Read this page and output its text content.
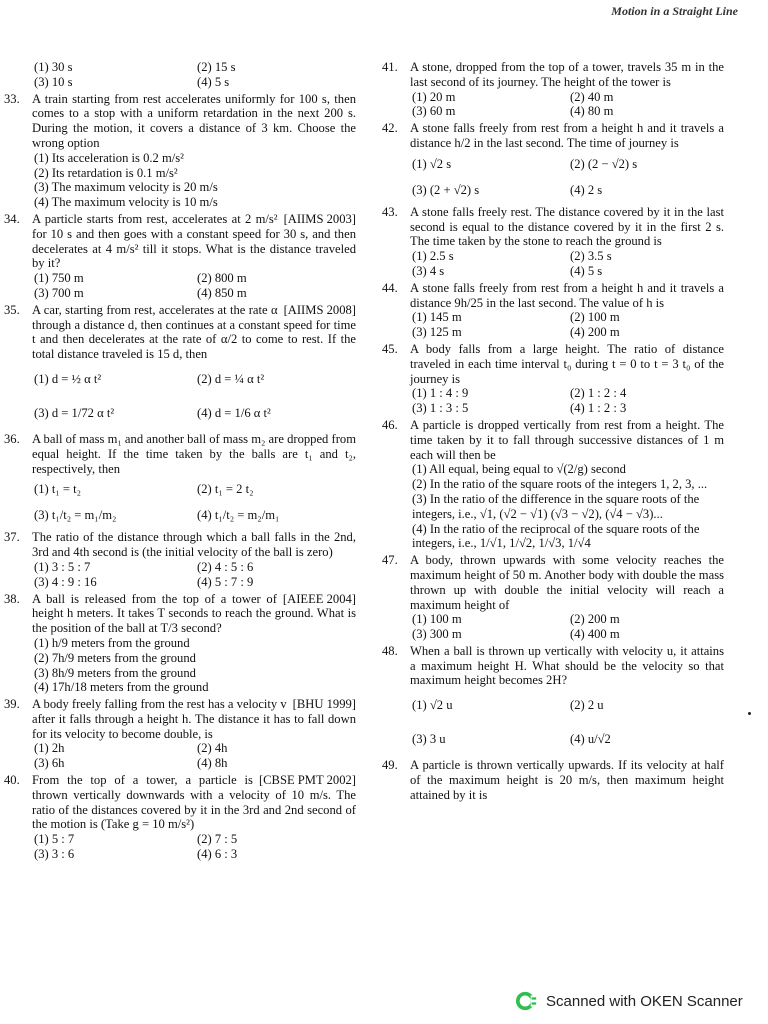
Motion in a Straight Line
(1) 30 s	(2) 15 s
(3) 10 s	(4) 5 s
33. A train starting from rest accelerates uniformly for 100 s, then comes to a stop with a uniform retardation in the next 200 s. During the motion, it covers a distance of 3 km. Choose the wrong option
(1) Its acceleration is 0.2 m/s²
(2) Its retardation is 0.1 m/s²
(3) The maximum velocity is 20 m/s
(4) The maximum velocity is 10 m/s
34.	[AIIMS 2003]
A particle starts from rest, accelerates at 2 m/s² for 10 s and then goes with a constant speed for 30 s, and then decelerates at 4 m/s² till it stops. What is the distance traveled by it?
(1) 750 m	(2) 800 m
(3) 700 m	(4) 850 m
35.	[AIIMS 2008]
A car, starting from rest, accelerates at the rate α through a distance d, then continues at a constant speed for time t and then decelerates at the rate of α/2 to come to rest. If the total distance traveled is 15 d, then
(1) d = ½ α t²	(2) d = ¼ α t²
(3) d = 1/72 α t²	(4) d = 1/6 α t²
36. A ball of mass m₁ and another ball of mass m₂ are dropped from equal height. If the time taken by the balls are t₁ and t₂, respectively, then
(1) t₁ = t₂	(2) t₁ = 2 t₂
(3) t₁/t₂ = m₁/m₂	(4) t₁/t₂ = m₂/m₁
37. The ratio of the distance through which a ball falls in the 2nd, 3rd and 4th second is (the initial velocity of the ball is zero)
(1) 3 : 5 : 7	(2) 4 : 5 : 6
(3) 4 : 9 : 16	(4) 5 : 7 : 9
38.	[AIEEE 2004]
A ball is released from the top of a tower of height h meters. It takes T seconds to reach the ground. What is the position of the ball at T/3 second?
(1) h/9 meters from the ground
(2) 7h/9 meters from the ground
(3) 8h/9 meters from the ground
(4) 17h/18 meters from the ground
39.	[BHU 1999]
A body freely falling from the rest has a velocity v after it falls through a height h. The distance it has to fall down for its velocity to become double, is
(1) 2h	(2) 4h
(3) 6h	(4) 8h
40.	[CBSE PMT 2002]
From the top of a tower, a particle is thrown vertically downwards with a velocity of 10 m/s. The ratio of the distances covered by it in the 3rd and 2nd second of the motion is (Take g = 10 m/s²)
(1) 5 : 7	(2) 7 : 5
(3) 3 : 6	(4) 6 : 3
41. A stone, dropped from the top of a tower, travels 35 m in the last second of its journey. The height of the tower is
(1) 20 m	(2) 40 m
(3) 60 m	(4) 80 m
42. A stone falls freely from rest from a height h and it travels a distance h/2 in the last second. The time of journey is
(1) √2 s	(2) (2 − √2) s
(3) (2 + √2) s	(4) 2 s
43. A stone falls freely rest. The distance covered by it in the last second is equal to the distance covered by it in the first 2 s. The time taken by the stone to reach the ground is
(1) 2.5 s	(2) 3.5 s
(3) 4 s	(4) 5 s
44. A stone falls freely from rest from a height h and it travels a distance 9h/25 in the last second. The value of h is
(1) 145 m	(2) 100 m
(3) 125 m	(4) 200 m
45. A body falls from a large height. The ratio of distance traveled in each time interval t₀ during t = 0 to t = 3 t₀ of the journey is
(1) 1 : 4 : 9	(2) 1 : 2 : 4
(3) 1 : 3 : 5	(4) 1 : 2 : 3
46. A particle is dropped vertically from rest from a height. The time taken by it to fall through successive distances of 1 m each will then be
(1) All equal, being equal to √(2/g) second
(2) In the ratio of the square roots of the integers 1, 2, 3, ...
(3) In the ratio of the difference in the square roots of the integers, i.e., √1, (√2 − √1) (√3 − √2), (√4 − √3)...
(4) In the ratio of the reciprocal of the square roots of the integers, i.e., 1/√1, 1/√2, 1/√3, 1/√4
47. A body, thrown upwards with some velocity reaches the maximum height of 50 m. Another body with double the mass thrown up with double the initial velocity will reach a maximum height of
(1) 100 m	(2) 200 m
(3) 300 m	(4) 400 m
48. When a ball is thrown up vertically with velocity u, it attains a maximum height H. What should be the velocity so that maximum height becomes 2H?
(1) √2 u	(2) 2 u
(3) 3 u	(4) u/√2
49. A particle is thrown vertically upwards. If its velocity at half of the maximum height is 20 m/s, then maximum height attained by it is
Scanned with OKEN Scanner
